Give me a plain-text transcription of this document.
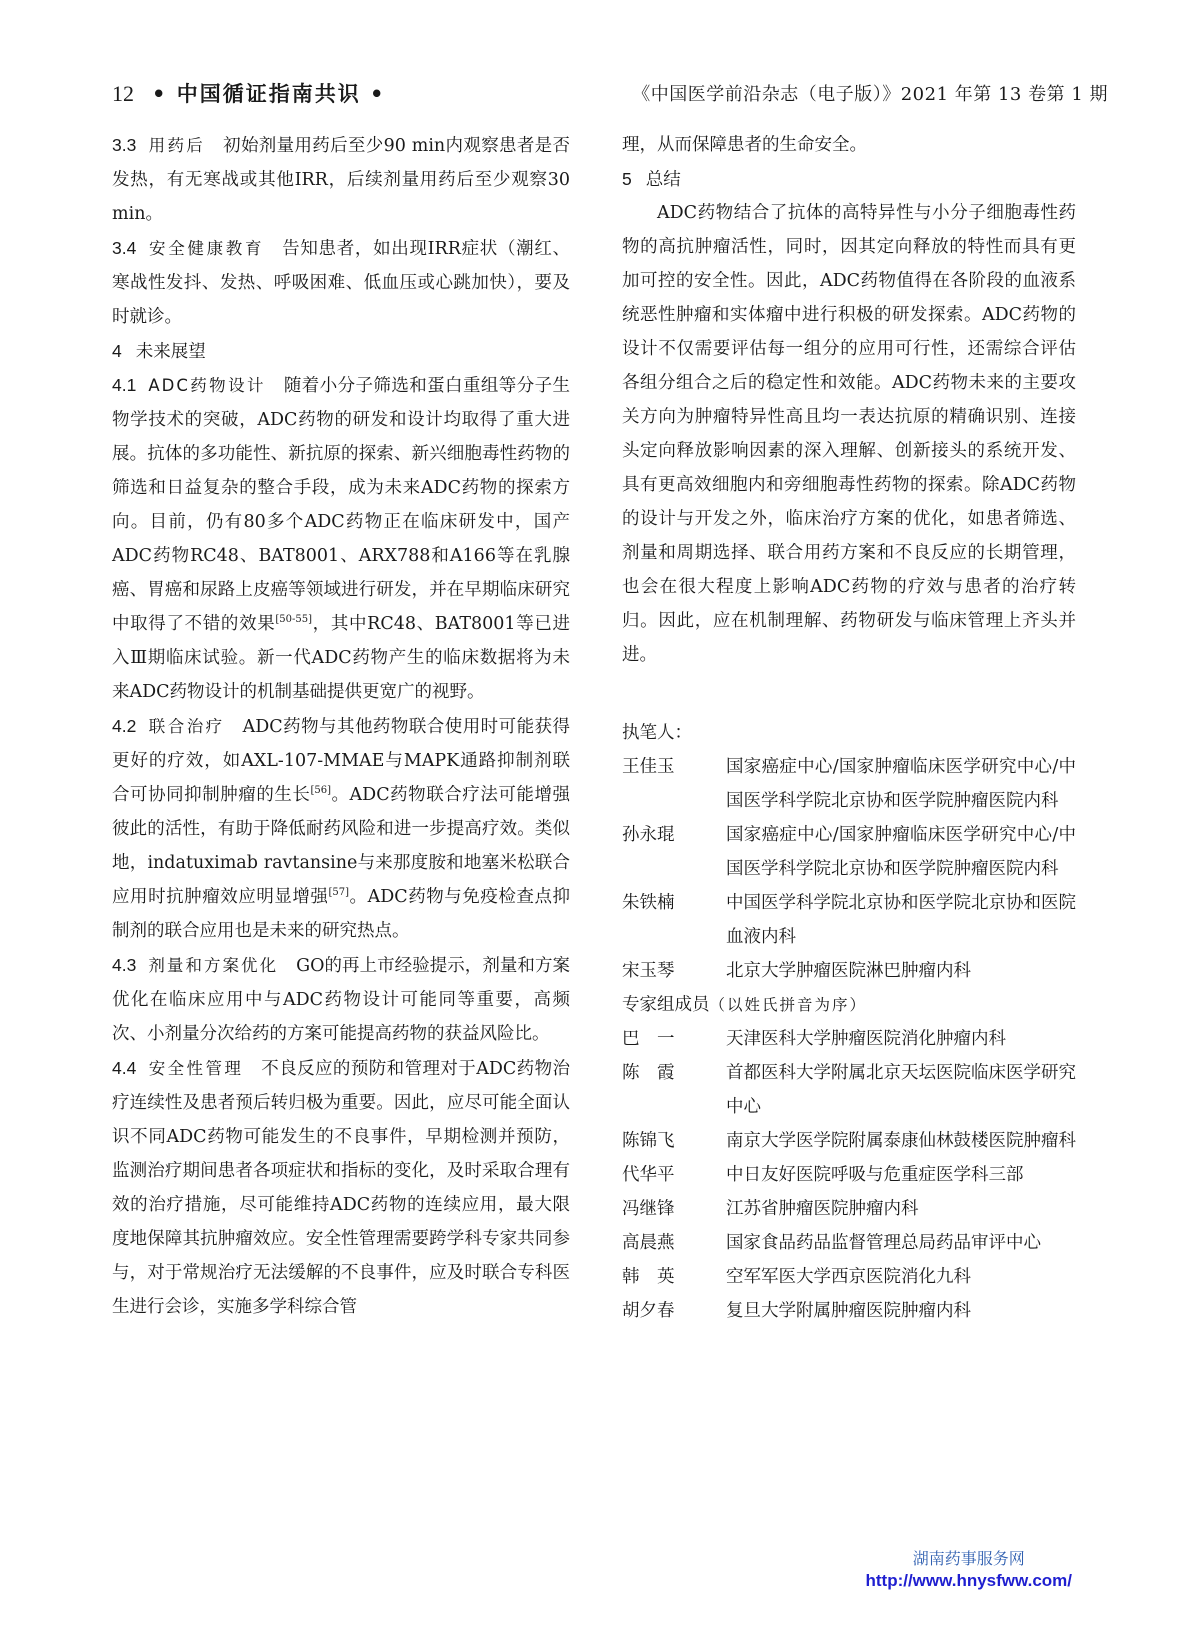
12 • 中国循证指南共识 •	《中国医学前沿杂志（电子版）》2021 年第 13 卷第 1 期

3.3 用药后 初始剂量用药后至少90 min内观察患者是否发热，有无寒战或其他IRR，后续剂量用药后至少观察30 min。

3.4 安全健康教育 告知患者，如出现IRR症状（潮红、寒战性发抖、发热、呼吸困难、低血压或心跳加快），要及时就诊。

4 未来展望

4.1 ADC药物设计 随着小分子筛选和蛋白重组等分子生物学技术的突破，ADC药物的研发和设计均取得了重大进展。抗体的多功能性、新抗原的探索、新兴细胞毒性药物的筛选和日益复杂的整合手段，成为未来ADC药物的探索方向。目前，仍有80多个ADC药物正在临床研发中，国产ADC药物RC48、BAT8001、ARX788和A166等在乳腺癌、胃癌和尿路上皮癌等领域进行研发，并在早期临床研究中取得了不错的效果[50-55]，其中RC48、BAT8001等已进入Ⅲ期临床试验。新一代ADC药物产生的临床数据将为未来ADC药物设计的机制基础提供更宽广的视野。

4.2 联合治疗 ADC药物与其他药物联合使用时可能获得更好的疗效，如AXL-107-MMAE与MAPK通路抑制剂联合可协同抑制肿瘤的生长[56]。ADC药物联合疗法可能增强彼此的活性，有助于降低耐药风险和进一步提高疗效。类似地，indatuximab ravtansine与来那度胺和地塞米松联合应用时抗肿瘤效应明显增强[57]。ADC药物与免疫检查点抑制剂的联合应用也是未来的研究热点。

4.3 剂量和方案优化 GO的再上市经验提示，剂量和方案优化在临床应用中与ADC药物设计可能同等重要，高频次、小剂量分次给药的方案可能提高药物的获益风险比。

4.4 安全性管理 不良反应的预防和管理对于ADC药物治疗连续性及患者预后转归极为重要。因此，应尽可能全面认识不同ADC药物可能发生的不良事件，早期检测并预防，监测治疗期间患者各项症状和指标的变化，及时采取合理有效的治疗措施，尽可能维持ADC药物的连续应用，最大限度地保障其抗肿瘤效应。安全性管理需要跨学科专家共同参与，对于常规治疗无法缓解的不良事件，应及时联合专科医生进行会诊，实施多学科综合管

理，从而保障患者的生命安全。

5 总结

ADC药物结合了抗体的高特异性与小分子细胞毒性药物的高抗肿瘤活性，同时，因其定向释放的特性而具有更加可控的安全性。因此，ADC药物值得在各阶段的血液系统恶性肿瘤和实体瘤中进行积极的研发探索。ADC药物的设计不仅需要评估每一组分的应用可行性，还需综合评估各组分组合之后的稳定性和效能。ADC药物未来的主要攻关方向为肿瘤特异性高且均一表达抗原的精确识别、连接头定向释放影响因素的深入理解、创新接头的系统开发、具有更高效细胞内和旁细胞毒性药物的探索。除ADC药物的设计与开发之外，临床治疗方案的优化，如患者筛选、剂量和周期选择、联合用药方案和不良反应的长期管理，也会在很大程度上影响ADC药物的疗效与患者的治疗转归。因此，应在机制理解、药物研发与临床管理上齐头并进。

执笔人：
王佳玉	国家癌症中心/国家肿瘤临床医学研究中心/中国医学科学院北京协和医学院肿瘤医院内科
孙永琨	国家癌症中心/国家肿瘤临床医学研究中心/中国医学科学院北京协和医学院肿瘤医院内科
朱铁楠	中国医学科学院北京协和医学院北京协和医院血液内科
宋玉琴	北京大学肿瘤医院淋巴肿瘤内科
专家组成员（以姓氏拼音为序）
巴　一	天津医科大学肿瘤医院消化肿瘤内科
陈　霞	首都医科大学附属北京天坛医院临床医学研究中心
陈锦飞	南京大学医学院附属泰康仙林鼓楼医院肿瘤科
代华平	中日友好医院呼吸与危重症医学科三部
冯继锋	江苏省肿瘤医院肿瘤内科
高晨燕	国家食品药品监督管理总局药品审评中心
韩　英	空军军医大学西京医院消化九科
胡夕春	复旦大学附属肿瘤医院肿瘤内科
湖南药事服务网
http://www.hnysfww.com/
